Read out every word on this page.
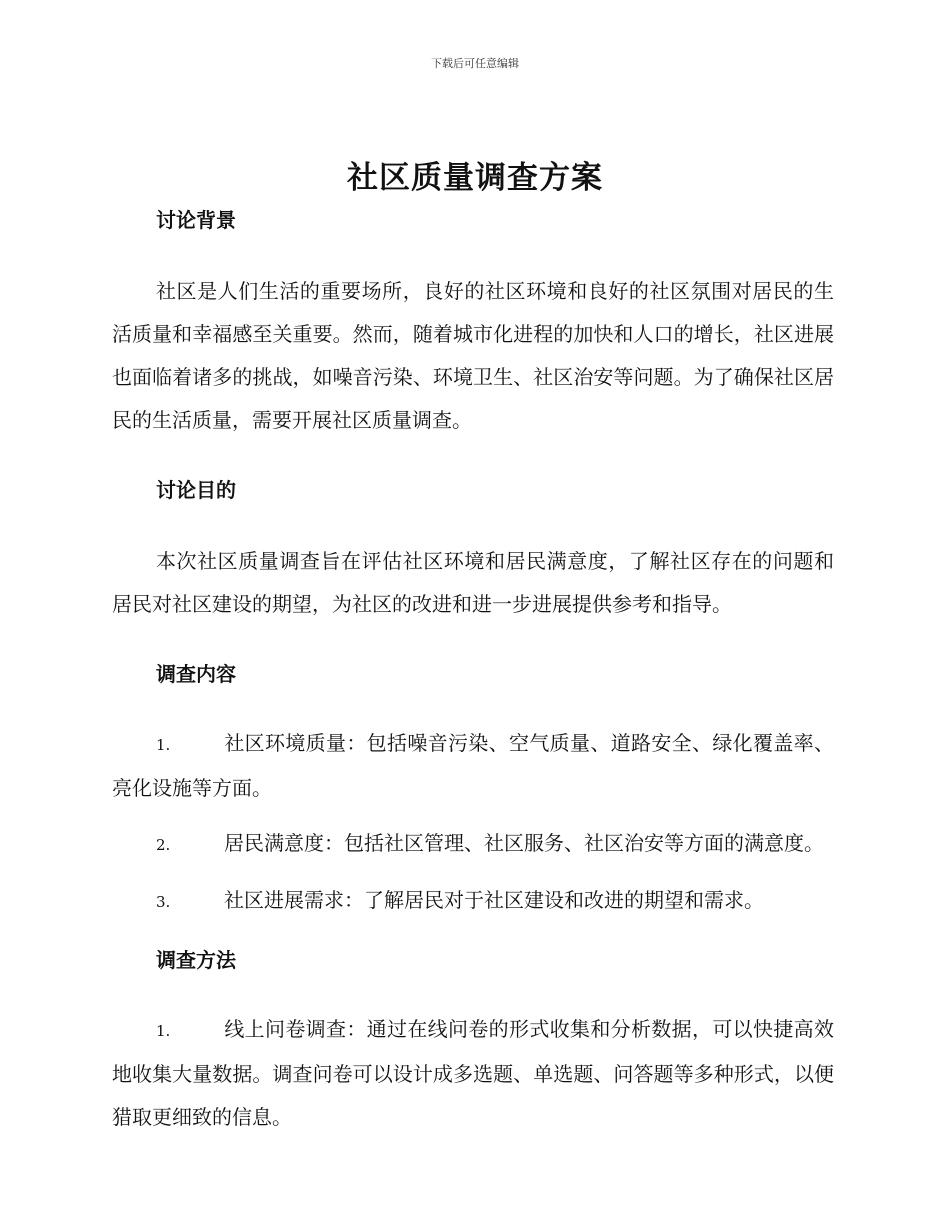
下载后可任意编辑
社区质量调查方案
讨论背景

社区是人们生活的重要场所，良好的社区环境和良好的社区氛围对居民的生活质量和幸福感至关重要。然而，随着城市化进程的加快和人口的增长，社区进展也面临着诸多的挑战，如噪音污染、环境卫生、社区治安等问题。为了确保社区居民的生活质量，需要开展社区质量调查。

讨论目的

本次社区质量调查旨在评估社区环境和居民满意度，了解社区存在的问题和居民对社区建设的期望，为社区的改进和进一步进展提供参考和指导。

调查内容

1.	社区环境质量：包括噪音污染、空气质量、道路安全、绿化覆盖率、亮化设施等方面。

2.	居民满意度：包括社区管理、社区服务、社区治安等方面的满意度。

3.	社区进展需求：了解居民对于社区建设和改进的期望和需求。

调查方法

1.	线上问卷调查：通过在线问卷的形式收集和分析数据，可以快捷高效地收集大量数据。调查问卷可以设计成多选题、单选题、问答题等多种形式，以便猎取更细致的信息。
